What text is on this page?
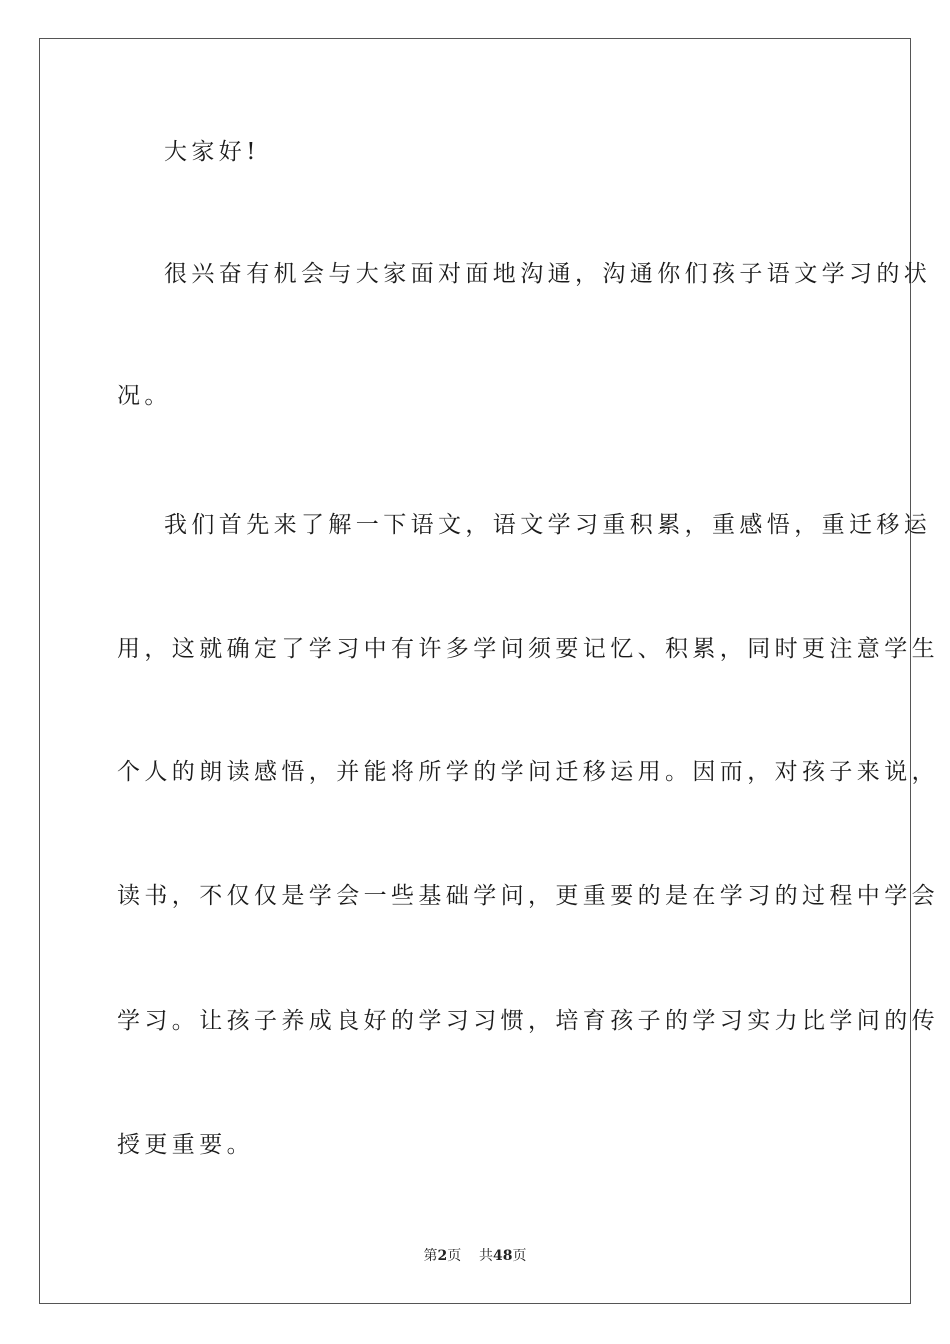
大家好!
很兴奋有机会与大家面对面地沟通，沟通你们孩子语文学习的状
况。
我们首先来了解一下语文，语文学习重积累，重感悟，重迁移运
用，这就确定了学习中有许多学问须要记忆、积累，同时更注意学生
个人的朗读感悟，并能将所学的学问迁移运用。因而，对孩子来说，
读书，不仅仅是学会一些基础学问，更重要的是在学习的过程中学会
学习。让孩子养成良好的学习习惯，培育孩子的学习实力比学问的传
授更重要。
第2页 共48页
